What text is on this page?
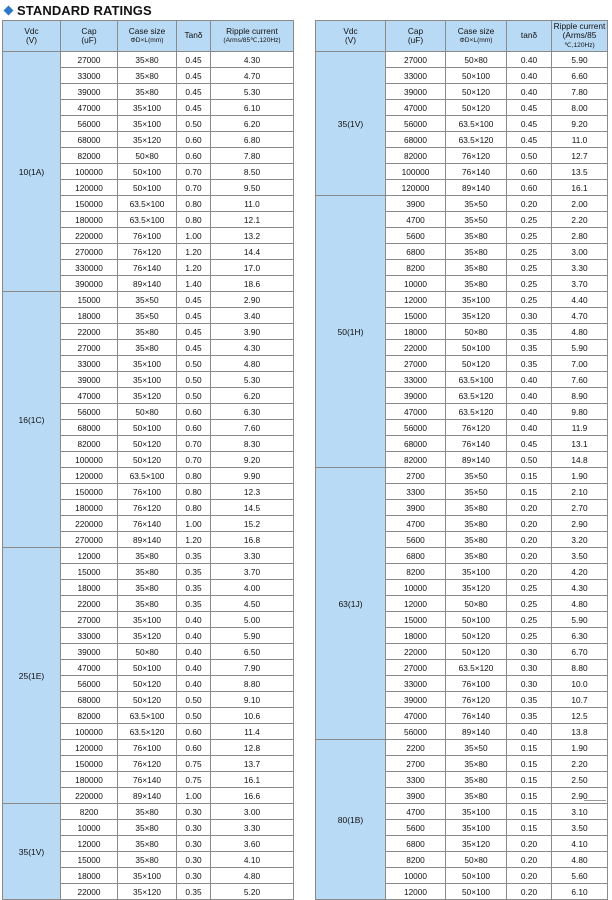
STANDARD RATINGS
Vdc
(V)	Cap
(uF)	Case size
ΦD×L(mm)	Tanδ	Ripple current
(Arms/85℃,120Hz)

10(1A)	27000	35×80	0.45	4.30
	33000	35×80	0.45	4.70
	39000	35×80	0.45	5.30
	47000	35×100	0.45	6.10
	56000	35×100	0.50	6.20
	68000	35×120	0.60	6.80
	82000	50×80	0.60	7.80
	100000	50×100	0.70	8.50
	120000	50×100	0.70	9.50
	150000	63.5×100	0.80	11.0
	180000	63.5×100	0.80	12.1
	220000	76×100	1.00	13.2
	270000	76×120	1.20	14.4
	330000	76×140	1.20	17.0
	390000	89×140	1.40	18.6
16(1C)	15000	35×50	0.45	2.90
	18000	35×50	0.45	3.40
	22000	35×80	0.45	3.90
	27000	35×80	0.45	4.30
	33000	35×100	0.50	4.80
	39000	35×100	0.50	5.30
	47000	35×120	0.50	6.20
	56000	50×80	0.60	6.30
	68000	50×100	0.60	7.60
	82000	50×120	0.70	8.30
	100000	50×120	0.70	9.20
	120000	63.5×100	0.80	9.90
	150000	76×100	0.80	12.3
	180000	76×120	0.80	14.5
	220000	76×140	1.00	15.2
	270000	89×140	1.20	16.8
25(1E)	12000	35×80	0.35	3.30
	15000	35×80	0.35	3.70
	18000	35×80	0.35	4.00
	22000	35×80	0.35	4.50
	27000	35×100	0.40	5.00
	33000	35×120	0.40	5.90
	39000	50×80	0.40	6.50
	47000	50×100	0.40	7.90
	56000	50×120	0.40	8.80
	68000	50×120	0.50	9.10
	82000	63.5×100	0.50	10.6
	100000	63.5×120	0.60	11.4
	120000	76×100	0.60	12.8
	150000	76×120	0.75	13.7
	180000	76×140	0.75	16.1
	220000	89×140	1.00	16.6
35(1V)	8200	35×80	0.30	3.00
	10000	35×80	0.30	3.30
	12000	35×80	0.30	3.60
	15000	35×80	0.30	4.10
	18000	35×100	0.30	4.80
	22000	35×120	0.35	5.20
Vdc
(V)	Cap
(uF)	Case size
ΦD×L(mm)	tanδ	Ripple current
(Arms/85
℃,120Hz)

35(1V)	27000	50×80	0.40	5.90
	33000	50×100	0.40	6.60
	39000	50×120	0.40	7.80
	47000	50×120	0.45	8.00
	56000	63.5×100	0.45	9.20
	68000	63.5×120	0.45	11.0
	82000	76×120	0.50	12.7
	100000	76×140	0.60	13.5
	120000	89×140	0.60	16.1
50(1H)	3900	35×50	0.20	2.00
	4700	35×50	0.25	2.20
	5600	35×80	0.25	2.80
	6800	35×80	0.25	3.00
	8200	35×80	0.25	3.30
	10000	35×80	0.25	3.70
	12000	35×100	0.25	4.40
	15000	35×120	0.30	4.70
	18000	50×80	0.35	4.80
	22000	50×100	0.35	5.90
	27000	50×120	0.35	7.00
	33000	63.5×100	0.40	7.60
	39000	63.5×120	0.40	8.90
	47000	63.5×120	0.40	9.80
	56000	76×120	0.40	11.9
	68000	76×140	0.45	13.1
	82000	89×140	0.50	14.8
63(1J)	2700	35×50	0.15	1.90
	3300	35×50	0.15	2.10
	3900	35×80	0.20	2.70
	4700	35×80	0.20	2.90
	5600	35×80	0.20	3.20
	6800	35×80	0.20	3.50
	8200	35×100	0.20	4.20
	10000	35×120	0.25	4.30
	12000	50×80	0.25	4.80
	15000	50×100	0.25	5.90
	18000	50×120	0.25	6.30
	22000	50×120	0.30	6.70
	27000	63.5×120	0.30	8.80
	33000	76×100	0.30	10.0
	39000	76×120	0.35	10.7
	47000	76×140	0.35	12.5
	56000	89×140	0.40	13.8
80(1B)	2200	35×50	0.15	1.90
	2700	35×80	0.15	2.20
	3300	35×80	0.15	2.50
	3900	35×80	0.15	2.90
	4700	35×100	0.15	3.10
	5600	35×100	0.15	3.50
	6800	35×120	0.20	4.10
	8200	50×80	0.20	4.80
	10000	50×100	0.20	5.60
	12000	50×100	0.20	6.10
